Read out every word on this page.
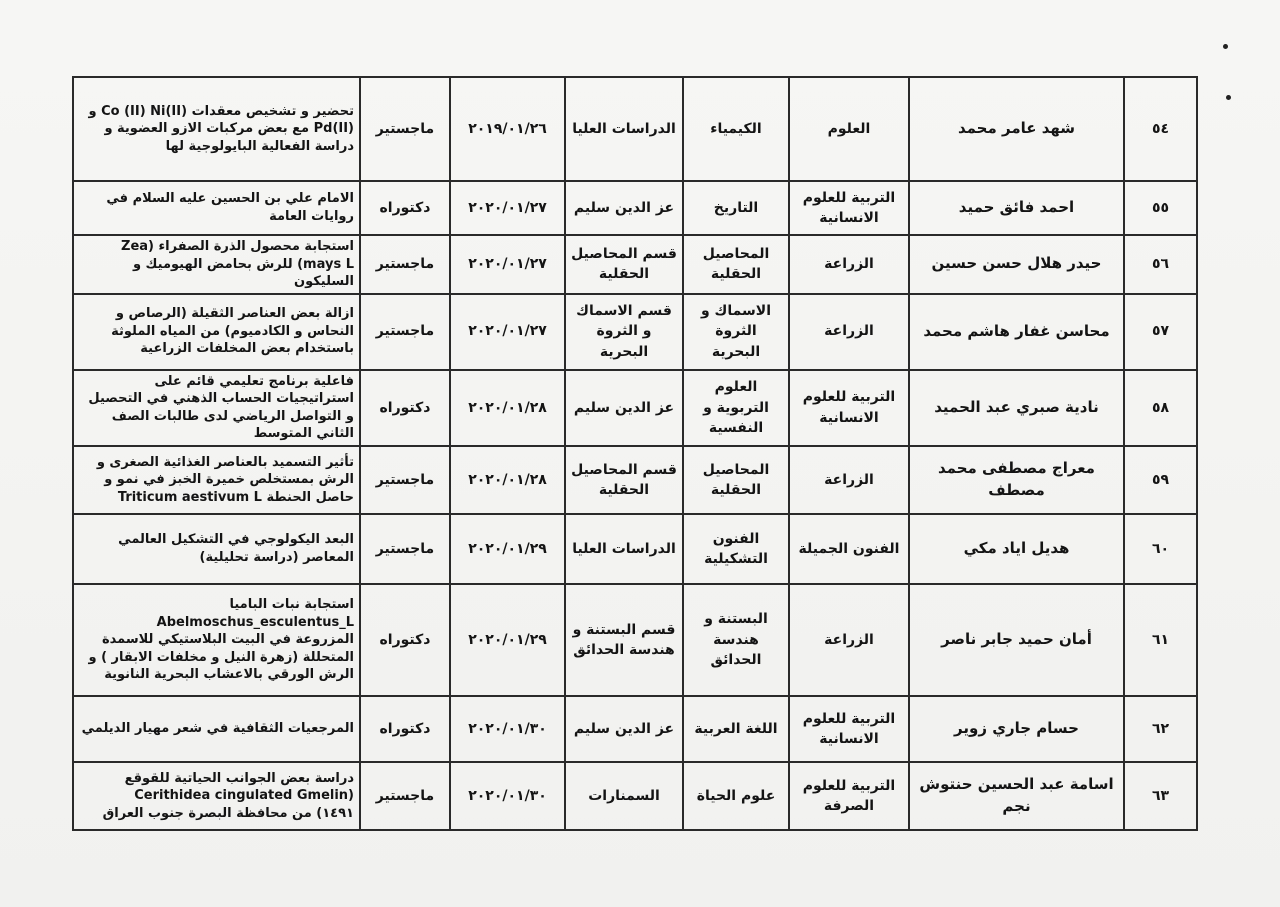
٥٤	شهد عامر محمد	العلوم	الكيمياء	الدراسات العليا	٢٠١٩/٠١/٢٦	ماجستير	تحضير و تشخيص معقدات Co (II) Ni(II) و Pd(II) مع بعض مركبات الازو العضوية و دراسة الفعالية البايولوجية لها
٥٥	احمد فائق حميد	التربية للعلوم الانسانية	التاريخ	عز الدين سليم	٢٠٢٠/٠١/٢٧	دكتوراه	الامام علي بن الحسين عليه السلام في روايات العامة
٥٦	حيدر هلال حسن حسين	الزراعة	المحاصيل الحقلية	قسم المحاصيل الحقلية	٢٠٢٠/٠١/٢٧	ماجستير	استجابة محصول الذرة الصفراء (Zea mays L) للرش بحامض الهيوميك و السليكون
٥٧	محاسن غفار هاشم محمد	الزراعة	الاسماك و الثروة البحرية	قسم الاسماك و الثروة البحرية	٢٠٢٠/٠١/٢٧	ماجستير	ازالة بعض العناصر الثقيلة (الرصاص و النحاس و الكادميوم) من المياه الملوثة باستخدام بعض المخلفات الزراعية
٥٨	نادية صبري عبد الحميد	التربية للعلوم الانسانية	العلوم التربوية و النفسية	عز الدين سليم	٢٠٢٠/٠١/٢٨	دكتوراه	فاعلية برنامج تعليمي قائم على استراتيجيات الحساب الذهني في التحصيل و التواصل الرياضي لدى طالبات الصف الثاني المتوسط
٥٩	معراج مصطفى محمد مصطف	الزراعة	المحاصيل الحقلية	قسم المحاصيل الحقلية	٢٠٢٠/٠١/٢٨	ماجستير	تأثير التسميد بالعناصر الغذائية الصغرى و الرش بمستخلص خميرة الخبز في نمو و حاصل الحنطة Triticum aestivum L
٦٠	هديل اياد مكي	الفنون الجميلة	الفنون التشكيلية	الدراسات العليا	٢٠٢٠/٠١/٢٩	ماجستير	البعد اليكولوجي في التشكيل العالمي المعاصر (دراسة تحليلية)
٦١	أمان حميد جابر ناصر	الزراعة	البستنة و هندسة الحدائق	قسم البستنة و هندسة الحدائق	٢٠٢٠/٠١/٢٩	دكتوراه	استجابة نبات الباميا
Abelmoschus_esculentus_L
المزروعة في البيت البلاستيكي للاسمدة المتحللة (زهرة النيل و مخلفات الابقار ) و الرش الورقي بالاعشاب البحرية النانوية
٦٢	حسام جاري زوير	التربية للعلوم الانسانية	اللغة العربية	عز الدين سليم	٢٠٢٠/٠١/٣٠	دكتوراه	المرجعيات الثقافية في شعر مهيار الديلمي
٦٣	اسامة عبد الحسين حنتوش نجم	التربية للعلوم الصرفة	علوم الحياة	السمنارات	٢٠٢٠/٠١/٣٠	ماجستير	دراسة بعض الجوانب الحياتية للقوقع
Cerithidea cingulated Gmelin)
١٤٩١) من محافظة البصرة جنوب العراق
